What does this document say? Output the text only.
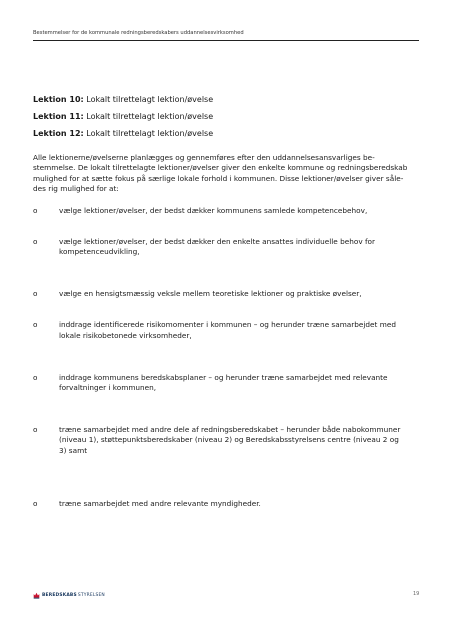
Bestemmelser for de kommunale redningsberedskabers uddannelsesvirksomhed
Lektion 10: Lokalt tilrettelagt lektion/øvelse
Lektion 11: Lokalt tilrettelagt lektion/øvelse
Lektion 12: Lokalt tilrettelagt lektion/øvelse

Alle lektionerne/øvelserne planlægges og gennemføres efter den uddannelsesansvarliges be-
stemmelse. De lokalt tilrettelagte lektioner/øvelser giver den enkelte kommune og redningsberedskab
mulighed for at sætte fokus på særlige lokale forhold i kommunen. Disse lektioner/øvelser giver såle-
des rig mulighed for at:

o	vælge lektioner/øvelser, der bedst dækker kommunens samlede kompetencebehov,
o	vælge lektioner/øvelser, der bedst dækker den enkelte ansattes individuelle behov for
kompetenceudvikling,
o	vælge en hensigtsmæssig veksle mellem teoretiske lektioner og praktiske øvelser,
o	inddrage identificerede risikomomenter i kommunen – og herunder træne samarbejdet med
lokale risikobetonede virksomheder,
o	inddrage kommunens beredskabsplaner – og herunder træne samarbejdet med relevante
forvaltninger i kommunen,
o	træne samarbejdet med andre dele af redningsberedskabet – herunder både nabokommuner
(niveau 1), støttepunktsberedskaber (niveau 2) og Beredskabsstyrelsens centre (niveau 2 og
3) samt
o	træne samarbejdet med andre relevante myndigheder.
BEREDSKABS STYRELSEN	19
